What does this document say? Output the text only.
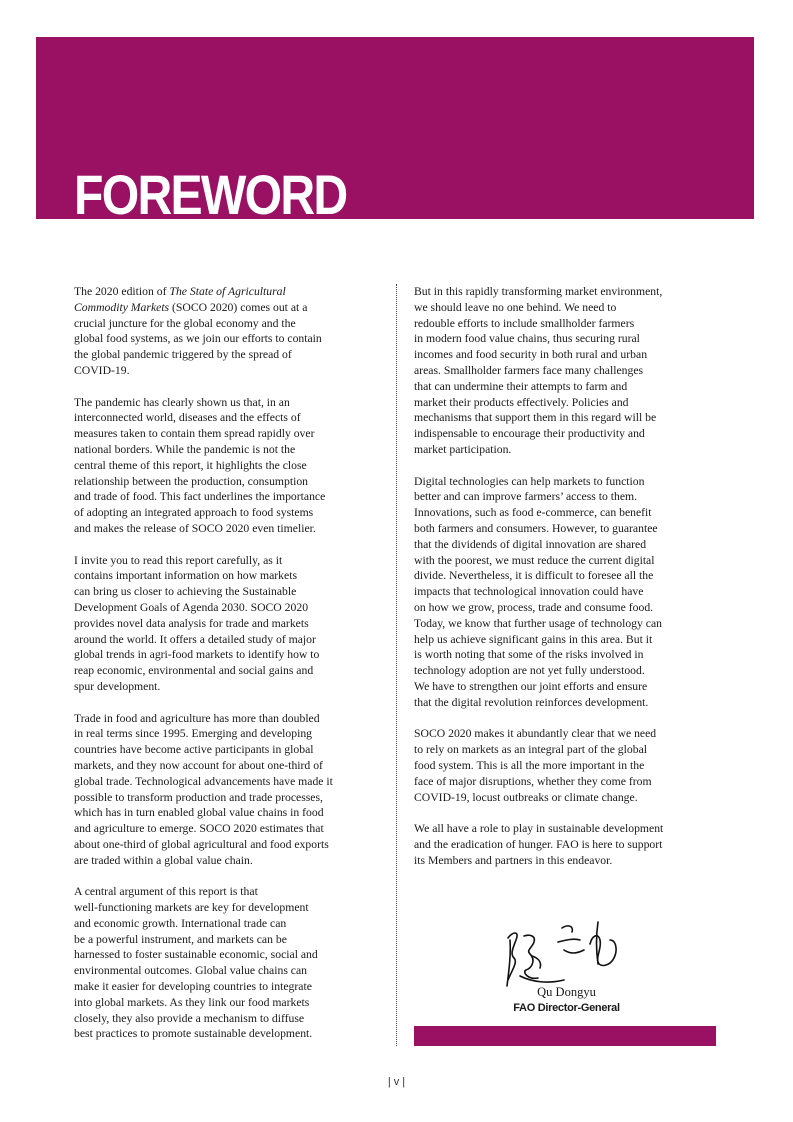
FOREWORD

The 2020 edition of The State of Agricultural
Commodity Markets (SOCO 2020) comes out at a
crucial juncture for the global economy and the
global food systems, as we join our efforts to contain
the global pandemic triggered by the spread of
COVID-19.

The pandemic has clearly shown us that, in an
interconnected world, diseases and the effects of
measures taken to contain them spread rapidly over
national borders. While the pandemic is not the
central theme of this report, it highlights the close
relationship between the production, consumption
and trade of food. This fact underlines the importance
of adopting an integrated approach to food systems
and makes the release of SOCO 2020 even timelier.

I invite you to read this report carefully, as it
contains important information on how markets
can bring us closer to achieving the Sustainable
Development Goals of Agenda 2030. SOCO 2020
provides novel data analysis for trade and markets
around the world. It offers a detailed study of major
global trends in agri-food markets to identify how to
reap economic, environmental and social gains and
spur development.

Trade in food and agriculture has more than doubled
in real terms since 1995. Emerging and developing
countries have become active participants in global
markets, and they now account for about one-third of
global trade. Technological advancements have made it
possible to transform production and trade processes,
which has in turn enabled global value chains in food
and agriculture to emerge. SOCO 2020 estimates that
about one-third of global agricultural and food exports
are traded within a global value chain.

A central argument of this report is that
well-functioning markets are key for development
and economic growth. International trade can
be a powerful instrument, and markets can be
harnessed to foster sustainable economic, social and
environmental outcomes. Global value chains can
make it easier for developing countries to integrate
into global markets. As they link our food markets
closely, they also provide a mechanism to diffuse
best practices to promote sustainable development.

But in this rapidly transforming market environment,
we should leave no one behind. We need to
redouble efforts to include smallholder farmers
in modern food value chains, thus securing rural
incomes and food security in both rural and urban
areas. Smallholder farmers face many challenges
that can undermine their attempts to farm and
market their products effectively. Policies and
mechanisms that support them in this regard will be
indispensable to encourage their productivity and
market participation.

Digital technologies can help markets to function
better and can improve farmers’ access to them.
Innovations, such as food e-commerce, can benefit
both farmers and consumers. However, to guarantee
that the dividends of digital innovation are shared
with the poorest, we must reduce the current digital
divide. Nevertheless, it is difficult to foresee all the
impacts that technological innovation could have
on how we grow, process, trade and consume food.
Today, we know that further usage of technology can
help us achieve significant gains in this area. But it
is worth noting that some of the risks involved in
technology adoption are not yet fully understood.
We have to strengthen our joint efforts and ensure
that the digital revolution reinforces development.

SOCO 2020 makes it abundantly clear that we need
to rely on markets as an integral part of the global
food system. This is all the more important in the
face of major disruptions, whether they come from
COVID-19, locust outbreaks or climate change.

We all have a role to play in sustainable development
and the eradication of hunger. FAO is here to support
its Members and partners in this endeavor.

Qu Dongyu
FAO Director-General
| v |
